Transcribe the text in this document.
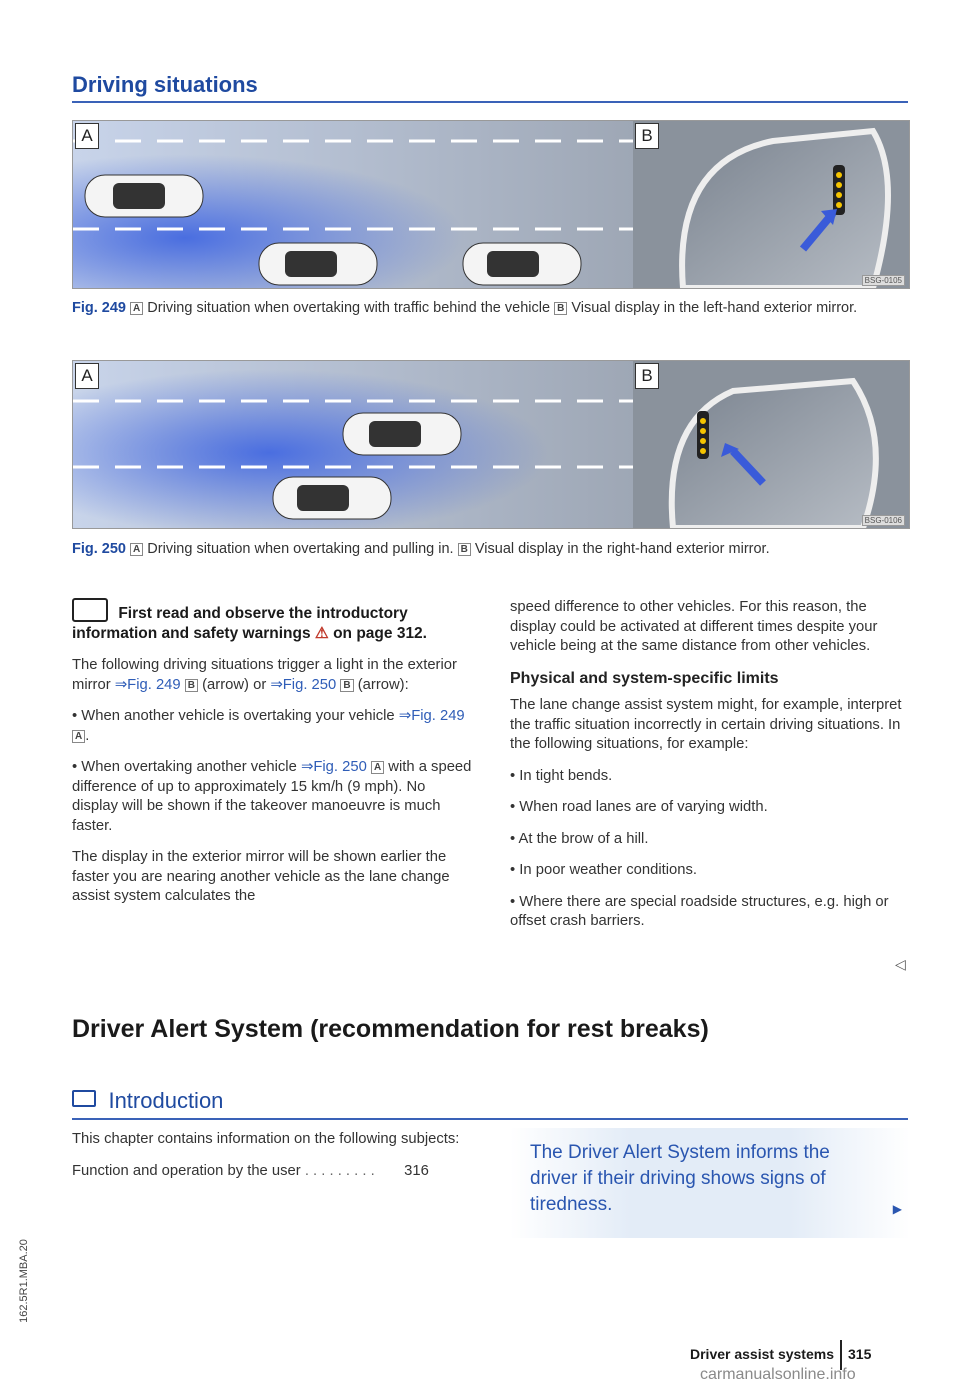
Driving situations
A	B
BSG-0105
Fig. 249 A Driving situation when overtaking with traffic behind the vehicle B Visual display in the left-hand exterior mirror.
A	B
BSG-0106
Fig. 250 A Driving situation when overtaking and pulling in. B Visual display in the right-hand exterior mirror.

First read and observe the introductory information and safety warnings ⚠ on page 312.

The following driving situations trigger a light in the exterior mirror ⇒Fig. 249 B (arrow) or ⇒Fig. 250 B (arrow):

• When another vehicle is overtaking your vehicle ⇒Fig. 249 A .

• When overtaking another vehicle ⇒Fig. 250 A with a speed difference of up to approximately 15 km/h (9 mph). No display will be shown if the takeover manoeuvre is much faster.

The display in the exterior mirror will be shown earlier the faster you are nearing another vehicle as the lane change assist system calculates the

speed difference to other vehicles. For this reason, the display could be activated at different times despite your vehicle being at the same distance from other vehicles.

Physical and system-specific limits

The lane change assist system might, for example, interpret the traffic situation incorrectly in certain driving situations. In the following situations, for example:

• In tight bends.

• When road lanes are of varying width.

• At the brow of a hill.

• In poor weather conditions.

• Where there are special roadside structures, e.g. high or offset crash barriers.

◁
Driver Alert System (recommendation for rest breaks)
Introduction

This chapter contains information on the following subjects:

Function and operation by the user . . . . . . . . . 316

The Driver Alert System informs the driver if their driving shows signs of tiredness.	▶
162.5R1.MBA.20
Driver assist systems 315
carmanualsonline.info
